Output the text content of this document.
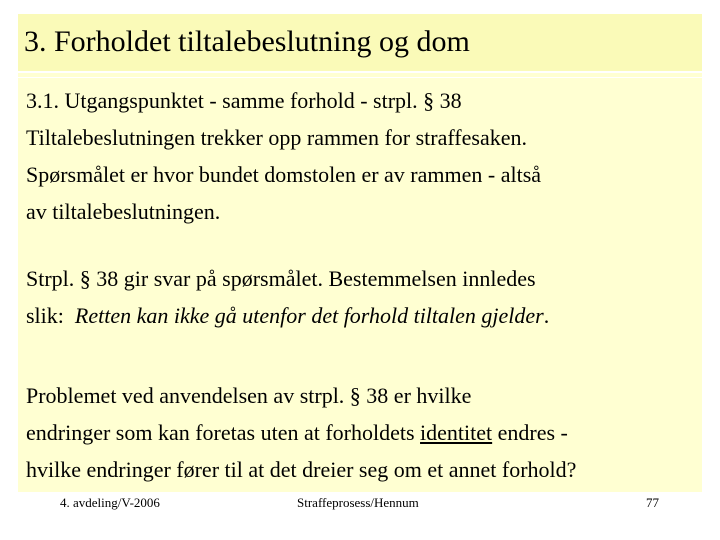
3. Forholdet tiltalebeslutning og dom
3.1. Utgangspunktet - samme forhold - strpl. § 38
Tiltalebeslutningen trekker opp rammen for straffesaken.
Spørsmålet er hvor bundet domstolen er av rammen - altså
av tiltalebeslutningen.
Strpl. § 38 gir svar på spørsmålet. Bestemmelsen innledes
slik:  Retten kan ikke gå utenfor det forhold tiltalen gjelder.
Problemet ved anvendelsen av strpl. § 38 er hvilke
endringer som kan foretas uten at forholdets identitet endres -
hvilke endringer fører til at det dreier seg om et annet forhold?
4. avdeling/V-2006	Straffeprosess/Hennum	77
